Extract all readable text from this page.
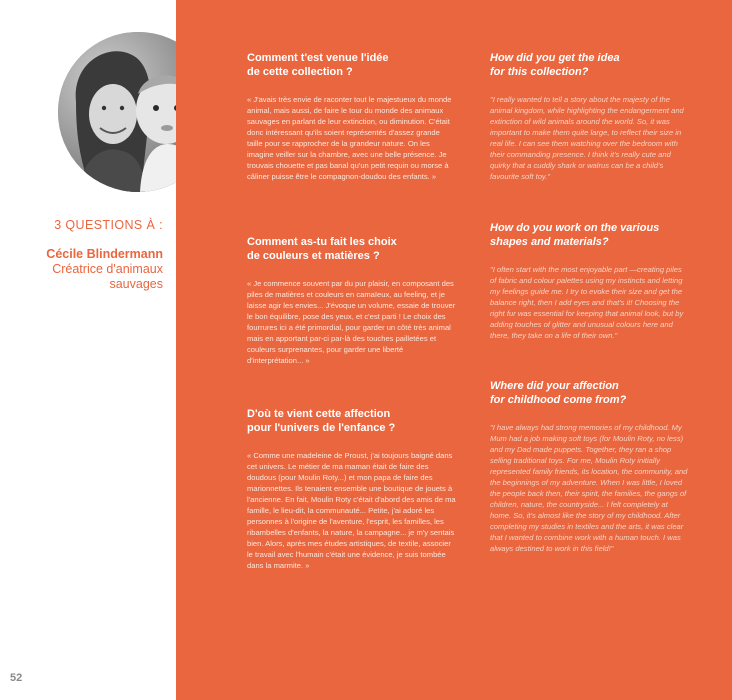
3 QUESTIONS À :
Cécile Blindermann
Créatrice d'animaux
sauvages
52
Comment t'est venue l'idée
de cette collection ?
« J'avais très envie de raconter tout le majestueux du monde animal, mais aussi, de faire le tour du monde des animaux sauvages en parlant de leur extinction, ou diminution. C'était donc intéressant qu'ils soient représentés d'assez grande taille pour se rapprocher de la grandeur nature. On les imagine veiller sur la chambre, avec une belle présence. Je trouvais chouette et pas banal qu'un petit requin ou morse à câliner puisse être le compagnon-doudou des enfants. »
Comment as-tu fait les choix
de couleurs et matières ?
« Je commence souvent par du pur plaisir, en composant des piles de matières et couleurs en camaïeux, au feeling, et je laisse agir les envies... J'évoque un volume, essaie de trouver le bon équilibre, pose des yeux, et c'est parti ! Le choix des fourrures ici a été primordial, pour garder un côté très animal mais en apportant par-ci par-là des touches pailletées et couleurs surprenantes, pour garder une liberté d'interprétation... »
D'où te vient cette affection
pour l'univers de l'enfance ?
« Comme une madeleine de Proust, j'ai toujours baigné dans cet univers. Le métier de ma maman était de faire des doudous (pour Moulin Roty...) et mon papa de faire des marionnettes. Ils tenaient ensemble une boutique de jouets à l'ancienne. En fait, Moulin Roty c'était d'abord des amis de ma famille, le lieu-dit, la communauté... Petite, j'ai adoré les personnes à l'origine de l'aventure, l'esprit, les familles, les ribambelles d'enfants, la nature, la campagne... je m'y sentais bien. Alors, après mes études artistiques, de textile, associer le travail avec l'humain c'était une évidence, je suis tombée dans la marmite. »
How did you get the idea
for this collection?
"I really wanted to tell a story about the majesty of the animal kingdom, while highlighting the endangerment and extinction of wild animals around the world. So, it was important to make them quite large, to reflect their size in real life. I can see them watching over the bedroom with their commanding presence. I think it's really cute and quirky that a cuddly shark or walrus can be a child's favourite soft toy."
How do you work on the various
shapes and materials?
"I often start with the most enjoyable part —creating piles of fabric and colour palettes using my instincts and letting my feelings guide me. I try to evoke their size and get the balance right, then I add eyes and that's it! Choosing the right fur was essential for keeping that animal look, but by adding touches of glitter and unusual colours here and there, they take on a life of their own."
Where did your affection
for childhood come from?
"I have always had strong memories of my childhood. My Mum had a job making soft toys (for Moulin Roty, no less) and my Dad made puppets. Together, they ran a shop selling traditional toys. For me, Moulin Roty initially represented family friends, its location, the community, and the beginnings of my adventure. When I was little, I loved the people back then, their spirit, the families, the gangs of children, nature, the countryside... I felt completely at home. So, it's almost like the story of my childhood. After completing my studies in textiles and the arts, it was clear that I wanted to combine work with a human touch. I was always destined to work in this field!"
